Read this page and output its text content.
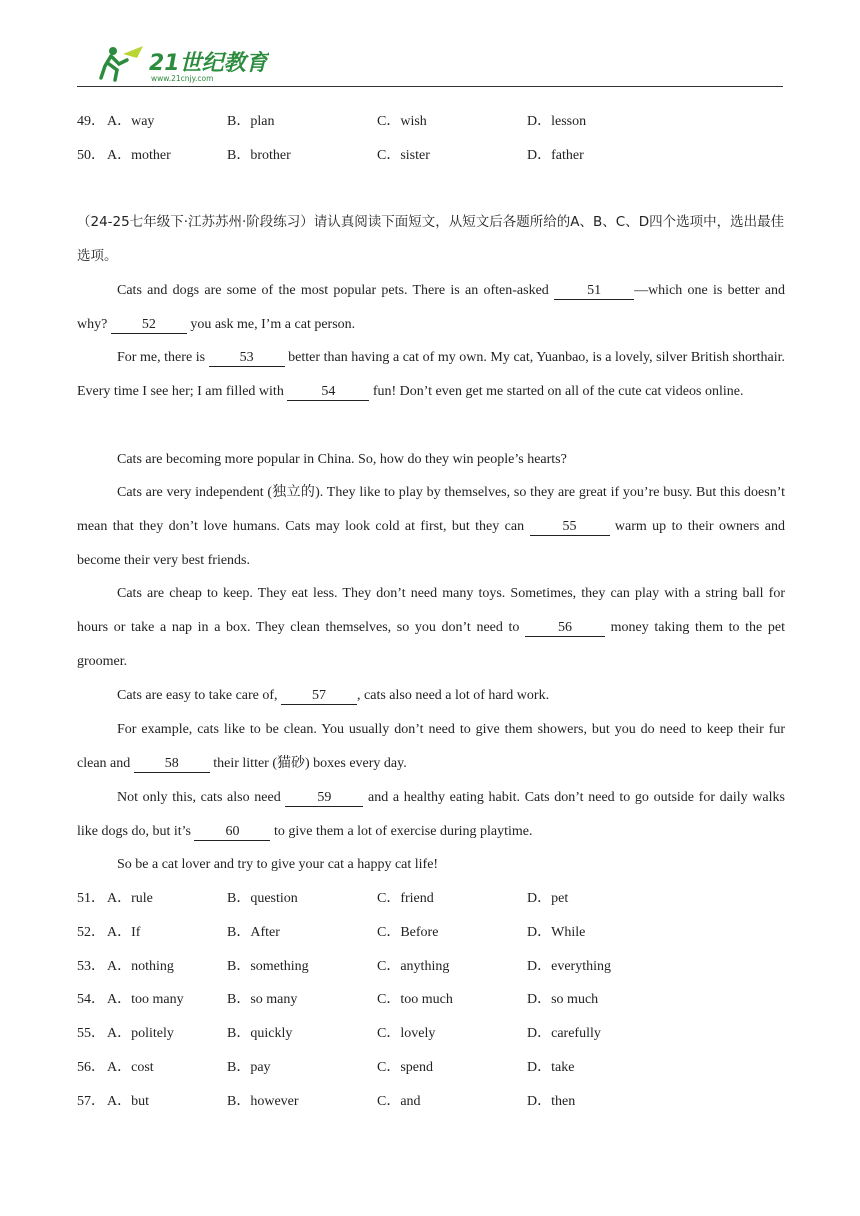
21世纪教育
www.21cnjy.com
49． A．way	B．plan	C．wish	D．lesson
50． A．mother	B．brother	C．sister	D．father

（24-25七年级下·江苏苏州·阶段练习）请认真阅读下面短文，从短文后各题所给的A、B、C、D四个选项中，选出最佳选项。

Cats and dogs are some of the most popular pets. There is an often-asked 51 —which one is better and why? 52 you ask me, I’m a cat person.

For me, there is 53 better than having a cat of my own. My cat, Yuanbao, is a lovely, silver British shorthair. Every time I see her; I am filled with 54 fun! Don’t even get me started on all of the cute cat videos online.

Cats are becoming more popular in China. So, how do they win people’s hearts?

Cats are very independent (独立的). They like to play by themselves, so they are great if you’re busy. But this doesn’t mean that they don’t love humans. Cats may look cold at first, but they can 55 warm up to their owners and become their very best friends.

Cats are cheap to keep. They eat less. They don’t need many toys. Sometimes, they can play with a string ball for hours or take a nap in a box. They clean themselves, so you don’t need to 56 money taking them to the pet groomer.

Cats are easy to take care of, 57 , cats also need a lot of hard work.

For example, cats like to be clean. You usually don’t need to give them showers, but you do need to keep their fur clean and 58 their litter (猫砂) boxes every day.

Not only this, cats also need 59 and a healthy eating habit. Cats don’t need to go outside for daily walks like dogs do, but it’s 60 to give them a lot of exercise during playtime.

So be a cat lover and try to give your cat a happy cat life!

51． A．rule	B．question	C．friend	D．pet
52． A．If	B．After	C．Before	D．While
53． A．nothing	B．something	C．anything	D．everything
54． A．too many	B．so many	C．too much	D．so much
55． A．politely	B．quickly	C．lovely	D．carefully
56． A．cost	B．pay	C．spend	D．take
57． A．but	B．however	C．and	D．then
